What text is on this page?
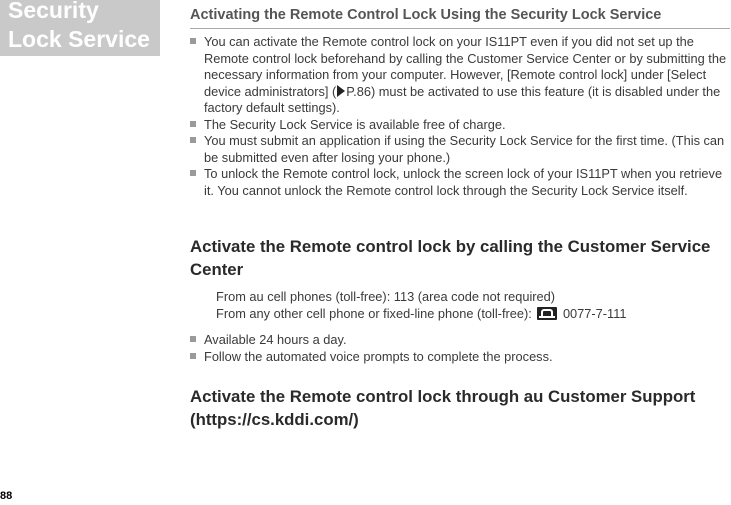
Security
Lock Service

88
Activating the Remote Control Lock Using the Security Lock Service
You can activate the Remote control lock on your IS11PT even if you did not set up the Remote control lock beforehand by calling the Customer Service Center or by submitting the necessary information from your computer. However, [Remote control lock] under [Select device administrators] ( P.86) must be activated to use this feature (it is disabled under the factory default settings).
The Security Lock Service is available free of charge.
You must submit an application if using the Security Lock Service for the first time. (This can be submitted even after losing your phone.)
To unlock the Remote control lock, unlock the screen lock of your IS11PT when you retrieve it. You cannot unlock the Remote control lock through the Security Lock Service itself.
Activate the Remote control lock by calling the Customer Service Center
From au cell phones (toll-free): 113 (area code not required)
From any other cell phone or fixed-line phone (toll-free): 0077-7-111
Available 24 hours a day.
Follow the automated voice prompts to complete the process.
Activate the Remote control lock through au Customer Support (https://cs.kddi.com/)
